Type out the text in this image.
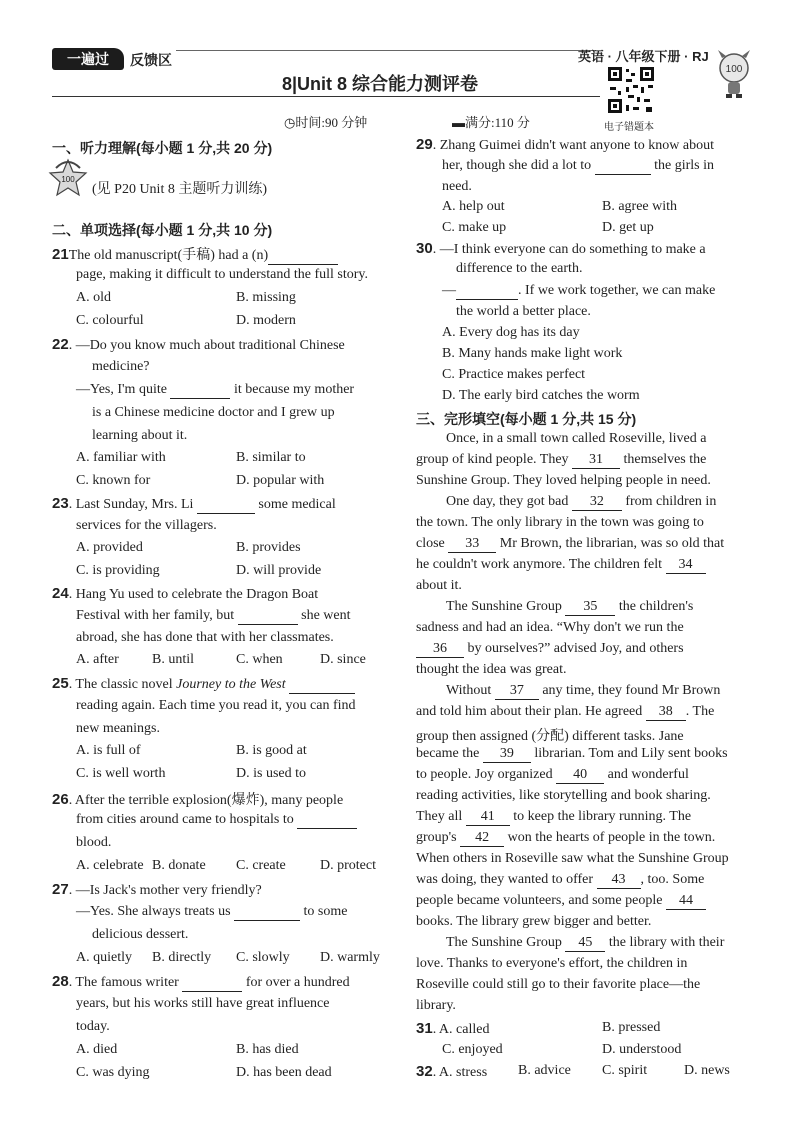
一遍过	反馈区	英语 · 八年级下册 · RJ
8|Unit 8 综合能力测评卷
电子错题本
100
◷时间:90 分钟	▬满分:110 分
一、听力理解(每小题 1 分,共 20 分)
100
(见 P20 Unit 8 主题听力训练)
二、单项选择(每小题 1 分,共 10 分)
21The old manuscript(手稿) had a (n)
page, making it difficult to understand the full story.
A. old	B. missing
C. colourful	D. modern
22. —Do you know much about traditional Chinese
medicine?
—Yes, I'm quite	it because my mother
is a Chinese medicine doctor and I grew up
learning about it.
A. familiar with	B. similar to
C. known for	D. popular with
23. Last Sunday, Mrs. Li	some medical
services for the villagers.
A. provided	B. provides
C. is providing	D. will provide
24. Hang Yu used to celebrate the Dragon Boat
Festival with her family, but	she went
abroad, she has done that with her classmates.
A. after B. until	C. when	D. since
25. The classic novel Journey to the West
reading again. Each time you read it, you can find
new meanings.
A. is full of	B. is good at
C. is well worth	D. is used to
26. After the terrible explosion(爆炸), many people
from cities around came to hospitals to
blood.
A. celebrate B. donate C. create D. protect
27. —Is Jack's mother very friendly?
—Yes. She always treats us	to some
delicious dessert.
A. quietly B. directly C. slowly D. warmly
28. The famous writer	for over a hundred
years, but his works still have great influence
today.
A. died	B. has died
C. was dying	D. has been dead
29. Zhang Guimei didn't want anyone to know about
her, though she did a lot to	the girls in
need.
A. help out	B. agree with
C. make up	D. get up
30. —I think everyone can do something to make a
difference to the earth.
—	. If we work together, we can make
the world a better place.
A. Every dog has its day
B. Many hands make light work
C. Practice makes perfect
D. The early bird catches the worm
三、完形填空(每小题 1 分,共 15 分)
Once, in a small town called Roseville, lived a
group of kind people. They 31 themselves the
Sunshine Group. They loved helping people in need.
One day, they got bad 32 from children in
the town. The only library in the town was going to
close 33 Mr Brown, the librarian, was so old that
he couldn't work anymore. The children felt 34
about it.
The Sunshine Group 35 the children's
sadness and had an idea. “Why don't we run the
36 by ourselves?” advised Joy, and others
thought the idea was great.
Without 37 any time, they found Mr Brown
and told him about their plan. He agreed 38 . The
group then assigned (分配) different tasks. Jane
became the 39 librarian. Tom and Lily sent books
to people. Joy organized 40 and wonderful
reading activities, like storytelling and book sharing.
They all 41 to keep the library running. The
group's 42 won the hearts of people in the town.
When others in Roseville saw what the Sunshine Group
was doing, they wanted to offer 43 , too. Some
people became volunteers, and some people 44
books. The library grew bigger and better.
The Sunshine Group 45 the library with their
love. Thanks to everyone's effort, the children in
Roseville could still go to their favorite place—the
library.
31. A. called	B. pressed
C. enjoyed	D. understood
32. A. stress B. advice C. spirit	D. news
